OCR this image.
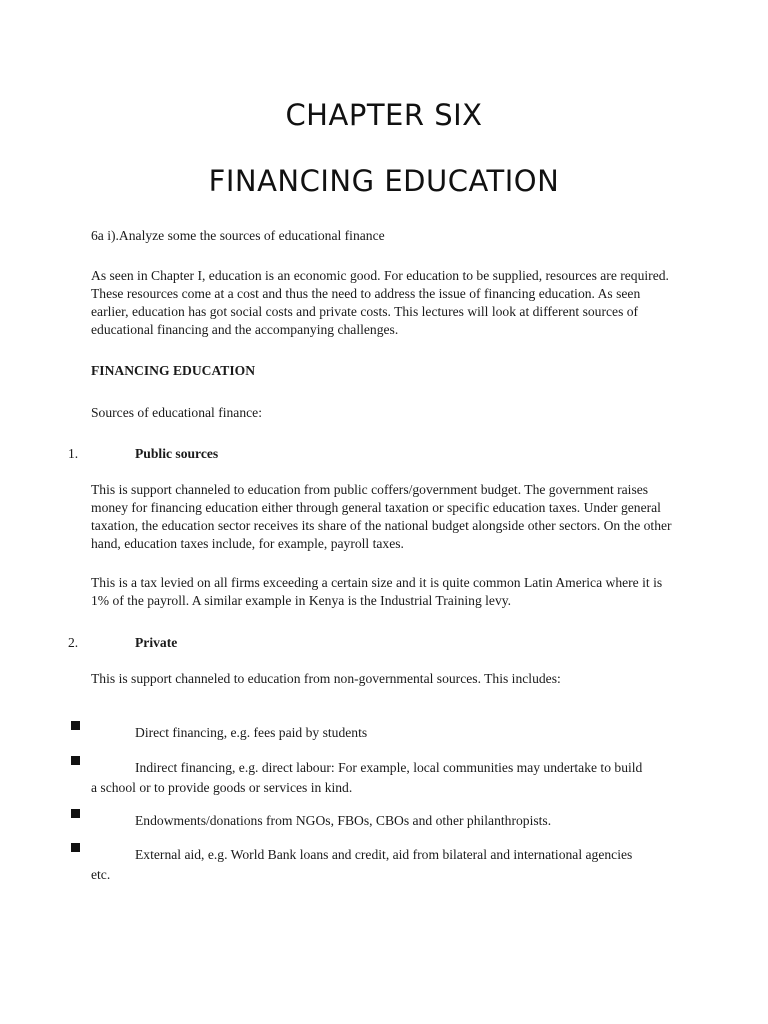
CHAPTER SIX
FINANCING EDUCATION

6a i).Analyze some the sources of educational finance

As seen in Chapter I, education is an economic good. For education to be supplied, resources are required. These resources come at a cost and thus the need to address the issue of financing education. As seen earlier, education has got social costs and private costs. This lectures will look at different sources of educational financing and the accompanying challenges.

FINANCING EDUCATION

Sources of educational finance:

1.	Public sources

This is support channeled to education from public coffers/government budget. The government raises money for financing education either through general taxation or specific education taxes. Under general taxation, the education sector receives its share of the national budget alongside other sectors. On the other hand, education taxes include, for example, payroll taxes.

This is a tax levied on all firms exceeding a certain size and it is quite common Latin America where it is 1% of the payroll. A similar example in Kenya is the Industrial Training levy.

2.	Private

This is support channeled to education from non-governmental sources. This includes:

Direct financing, e.g. fees paid by students

Indirect financing, e.g. direct labour: For example, local communities may undertake to build a school or to provide goods or services in kind.

Endowments/donations from NGOs, FBOs, CBOs and other philanthropists.

External aid, e.g. World Bank loans and credit, aid from bilateral and international agencies etc.
